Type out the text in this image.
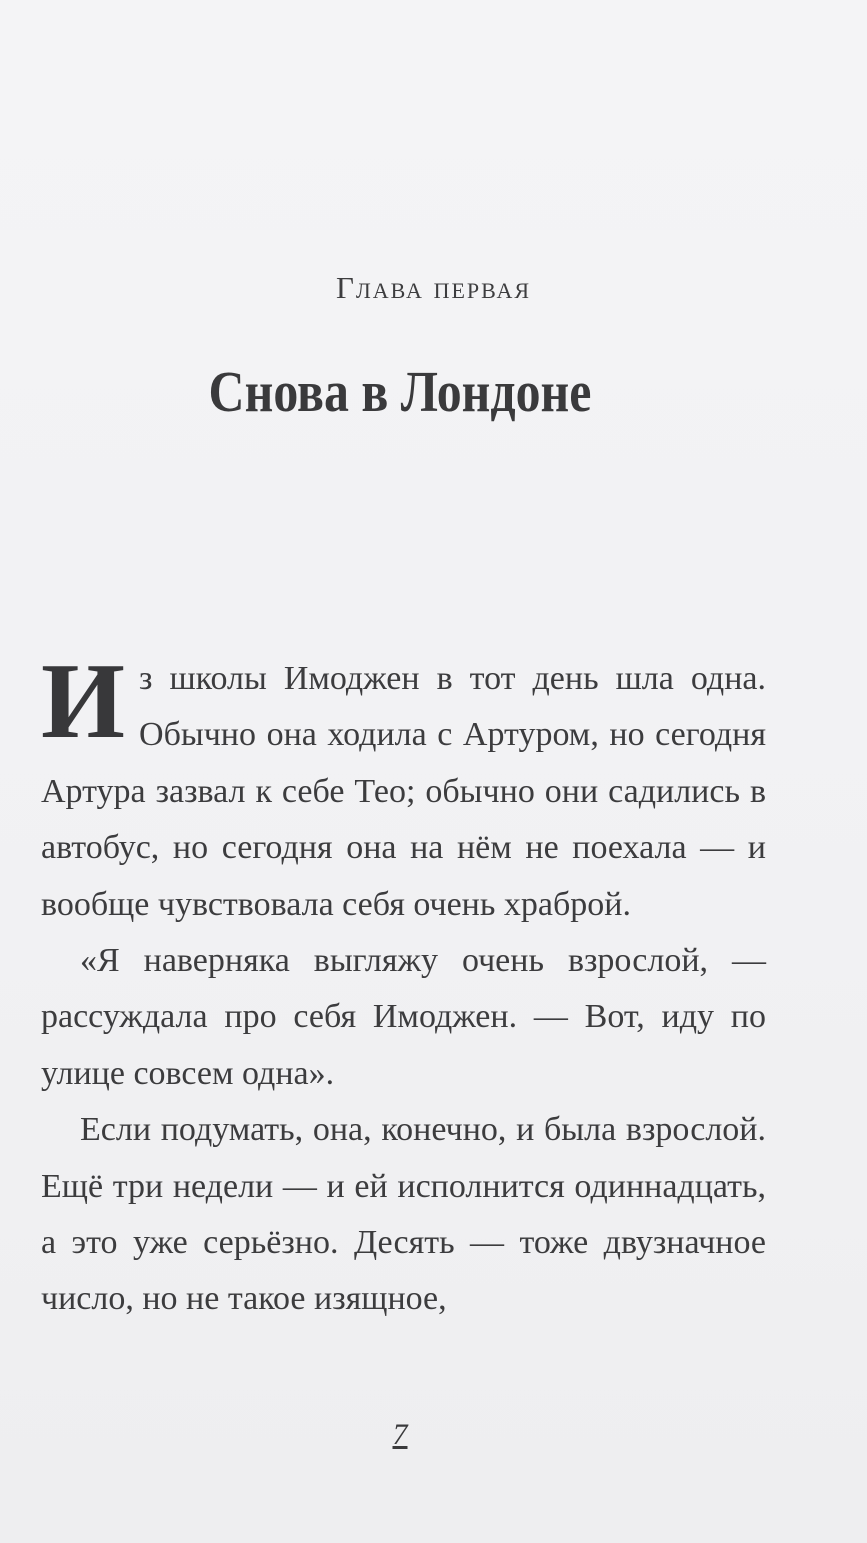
Глава первая
Снова в Лондоне

Из школы Имоджен в тот день шла одна. Обычно она ходила с Артуром, но сегодня Артура зазвал к себе Тео; обычно они садились в автобус, но сегодня она на нём не поехала — и вообще чувствовала себя очень храброй.

«Я наверняка выгляжу очень взрослой, — рассуждала про себя Имоджен. — Вот, иду по улице совсем одна».

Если подумать, она, конечно, и была взрослой. Ещё три недели — и ей исполнится одиннадцать, а это уже серьёзно. Десять — тоже двузначное число, но не такое изящное,

7
